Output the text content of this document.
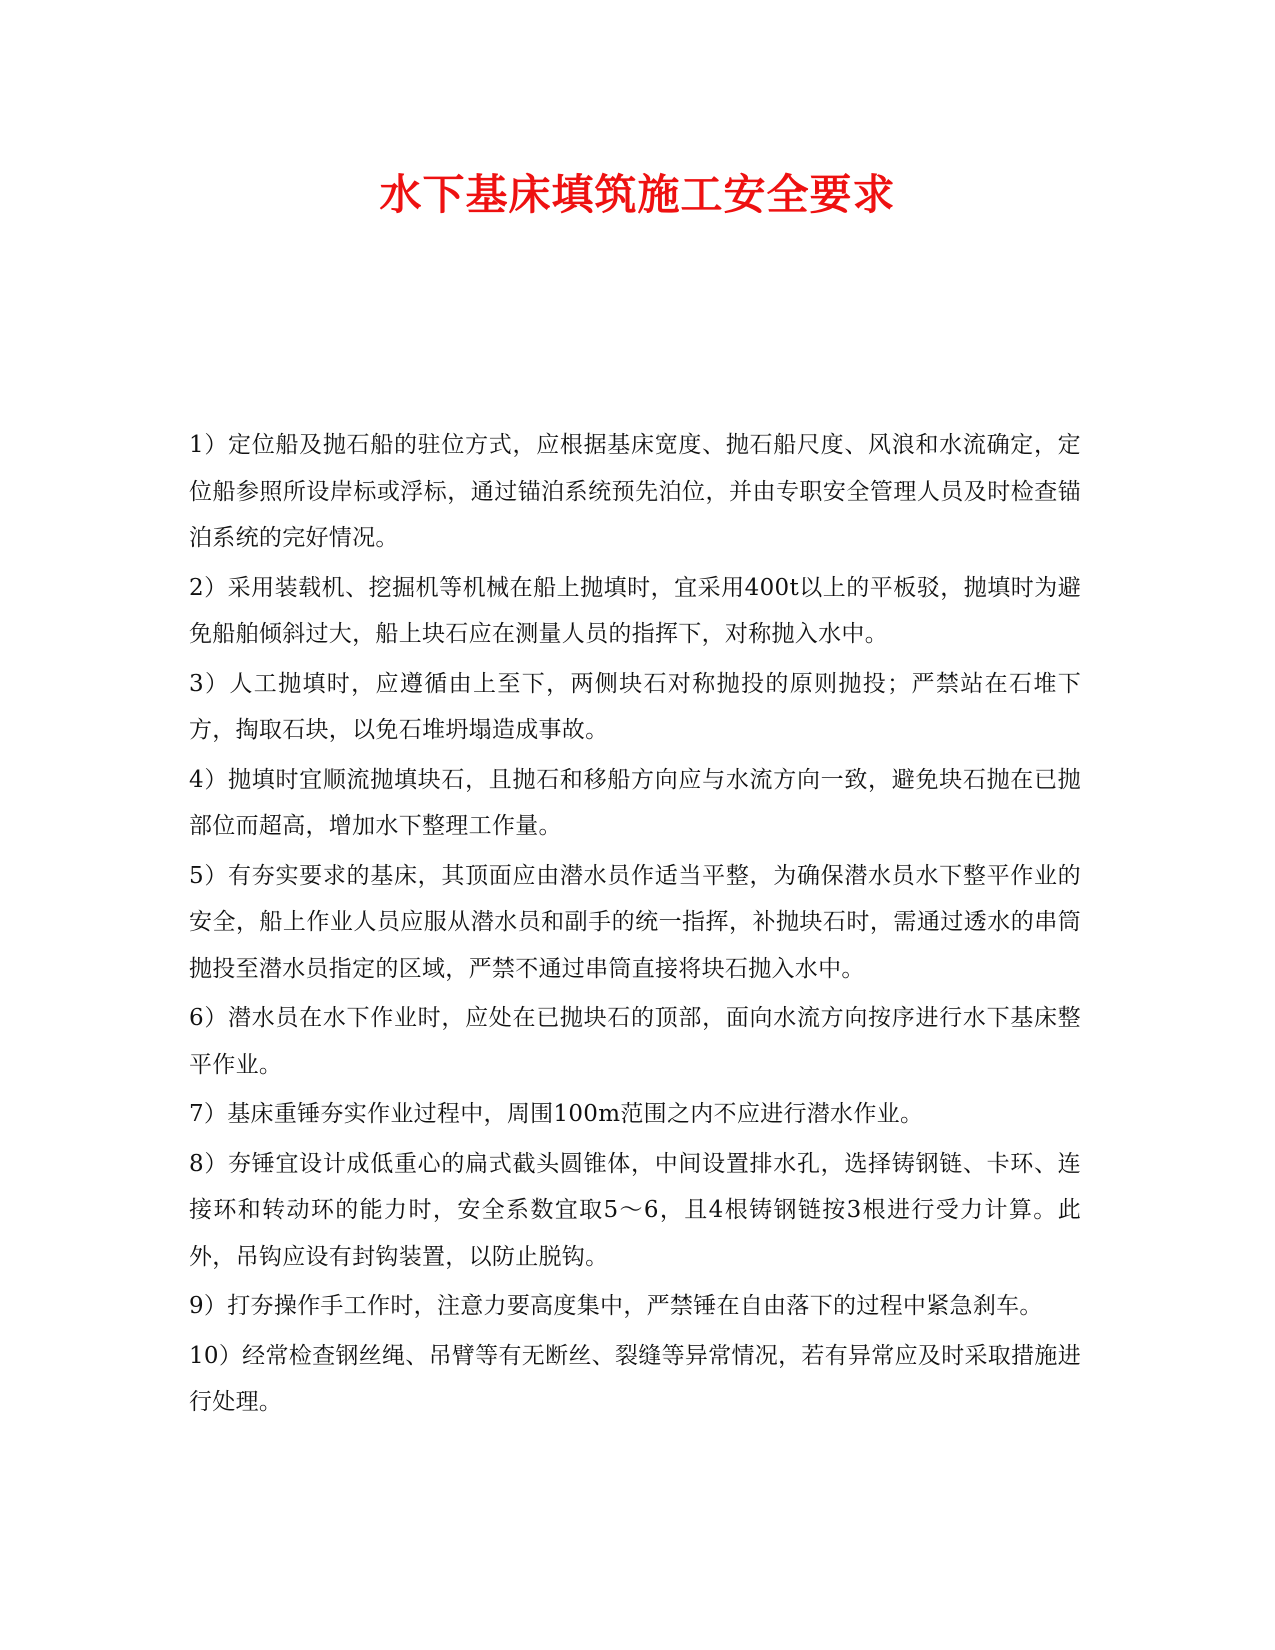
水下基床填筑施工安全要求

1）定位船及抛石船的驻位方式，应根据基床宽度、抛石船尺度、风浪和水流确定，定位船参照所设岸标或浮标，通过锚泊系统预先泊位，并由专职安全管理人员及时检查锚泊系统的完好情况。

2）采用装载机、挖掘机等机械在船上抛填时，宜采用400t以上的平板驳，抛填时为避免船舶倾斜过大，船上块石应在测量人员的指挥下，对称抛入水中。

3）人工抛填时，应遵循由上至下，两侧块石对称抛投的原则抛投；严禁站在石堆下方，掏取石块，以免石堆坍塌造成事故。

4）抛填时宜顺流抛填块石，且抛石和移船方向应与水流方向一致，避免块石抛在已抛部位而超高，增加水下整理工作量。

5）有夯实要求的基床，其顶面应由潜水员作适当平整，为确保潜水员水下整平作业的安全，船上作业人员应服从潜水员和副手的统一指挥，补抛块石时，需通过透水的串筒抛投至潜水员指定的区域，严禁不通过串筒直接将块石抛入水中。

6）潜水员在水下作业时，应处在已抛块石的顶部，面向水流方向按序进行水下基床整平作业。

7）基床重锤夯实作业过程中，周围100m范围之内不应进行潜水作业。

8）夯锤宜设计成低重心的扁式截头圆锥体，中间设置排水孔，选择铸钢链、卡环、连接环和转动环的能力时，安全系数宜取5～6，且4根铸钢链按3根进行受力计算。此外，吊钩应设有封钩装置，以防止脱钩。

9）打夯操作手工作时，注意力要高度集中，严禁锤在自由落下的过程中紧急刹车。

10）经常检查钢丝绳、吊臂等有无断丝、裂缝等异常情况，若有异常应及时采取措施进行处理。
